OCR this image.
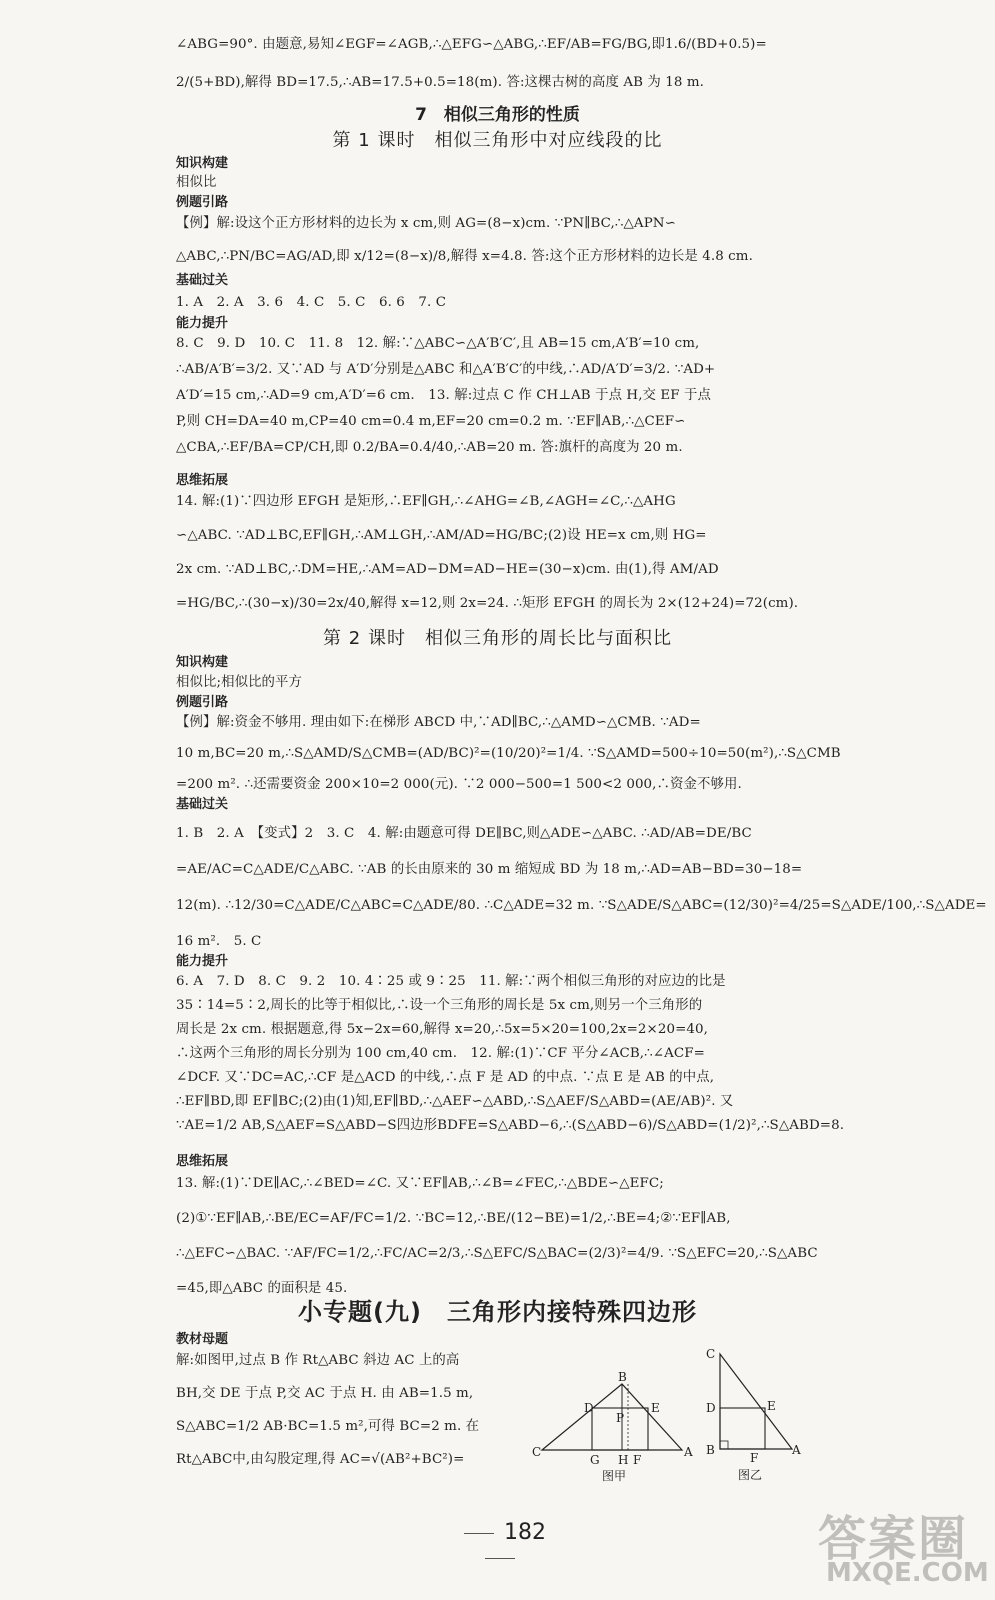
∠ABG=90°. 由题意,易知∠EGF=∠AGB,∴△EFG∽△ABG,∴EF/AB=FG/BG,即1.6/(BD+0.5)=
2/(5+BD),解得 BD=17.5,∴AB=17.5+0.5=18(m). 答:这棵古树的高度 AB 为 18 m.
7　相似三角形的性质
第 1 课时　相似三角形中对应线段的比
知识构建
相似比
例题引路
【例】解:设这个正方形材料的边长为 x cm,则 AG=(8−x)cm. ∵PN∥BC,∴△APN∽
△ABC,∴PN/BC=AG/AD,即 x/12=(8−x)/8,解得 x=4.8. 答:这个正方形材料的边长是 4.8 cm.
基础过关
1. A　2. A　3. 6　4. C　5. C　6. 6　7. C
能力提升
8. C　9. D　10. C　11. 8　12. 解:∵△ABC∽△A′B′C′,且 AB=15 cm,A′B′=10 cm,
∴AB/A′B′=3/2. 又∵AD 与 A′D′分别是△ABC 和△A′B′C′的中线,∴AD/A′D′=3/2. ∵AD+
A′D′=15 cm,∴AD=9 cm,A′D′=6 cm.　13. 解:过点 C 作 CH⊥AB 于点 H,交 EF 于点
P,则 CH=DA=40 m,CP=40 cm=0.4 m,EF=20 cm=0.2 m. ∵EF∥AB,∴△CEF∽
△CBA,∴EF/BA=CP/CH,即 0.2/BA=0.4/40,∴AB=20 m. 答:旗杆的高度为 20 m.
思维拓展
14. 解:(1)∵四边形 EFGH 是矩形,∴EF∥GH,∴∠AHG=∠B,∠AGH=∠C,∴△AHG
∽△ABC. ∵AD⊥BC,EF∥GH,∴AM⊥GH,∴AM/AD=HG/BC;(2)设 HE=x cm,则 HG=
2x cm. ∵AD⊥BC,∴DM=HE,∴AM=AD−DM=AD−HE=(30−x)cm. 由(1),得 AM/AD
=HG/BC,∴(30−x)/30=2x/40,解得 x=12,则 2x=24. ∴矩形 EFGH 的周长为 2×(12+24)=72(cm).
第 2 课时　相似三角形的周长比与面积比
知识构建
相似比;相似比的平方
例题引路
【例】解:资金不够用. 理由如下:在梯形 ABCD 中,∵AD∥BC,∴△AMD∽△CMB. ∵AD=
10 m,BC=20 m,∴S△AMD/S△CMB=(AD/BC)²=(10/20)²=1/4. ∵S△AMD=500÷10=50(m²),∴S△CMB
=200 m². ∴还需要资金 200×10=2 000(元). ∵2 000−500=1 500<2 000,∴资金不够用.
基础过关
1. B　2. A　【变式】2　3. C　4. 解:由题意可得 DE∥BC,则△ADE∽△ABC. ∴AD/AB=DE/BC
=AE/AC=C△ADE/C△ABC. ∵AB 的长由原来的 30 m 缩短成 BD 为 18 m,∴AD=AB−BD=30−18=
12(m). ∴12/30=C△ADE/C△ABC=C△ADE/80. ∴C△ADE=32 m. ∵S△ADE/S△ABC=(12/30)²=4/25=S△ADE/100,∴S△ADE=
16 m².　5. C
能力提升
6. A　7. D　8. C　9. 2　10. 4∶25 或 9∶25　11. 解:∵两个相似三角形的对应边的比是
35∶14=5∶2,周长的比等于相似比,∴设一个三角形的周长是 5x cm,则另一个三角形的
周长是 2x cm. 根据题意,得 5x−2x=60,解得 x=20,∴5x=5×20=100,2x=2×20=40,
∴这两个三角形的周长分别为 100 cm,40 cm.　12. 解:(1)∵CF 平分∠ACB,∴∠ACF=
∠DCF. 又∵DC=AC,∴CF 是△ACD 的中线,∴点 F 是 AD 的中点. ∵点 E 是 AB 的中点,
∴EF∥BD,即 EF∥BC;(2)由(1)知,EF∥BD,∴△AEF∽△ABD,∴S△AEF/S△ABD=(AE/AB)². 又
∵AE=1/2 AB,S△AEF=S△ABD−S四边形BDFE=S△ABD−6,∴(S△ABD−6)/S△ABD=(1/2)²,∴S△ABD=8.
思维拓展
13. 解:(1)∵DE∥AC,∴∠BED=∠C. 又∵EF∥AB,∴∠B=∠FEC,∴△BDE∽△EFC;
(2)①∵EF∥AB,∴BE/EC=AF/FC=1/2. ∵BC=12,∴BE/(12−BE)=1/2,∴BE=4;②∵EF∥AB,
∴△EFC∽△BAC. ∵AF/FC=1/2,∴FC/AC=2/3,∴S△EFC/S△BAC=(2/3)²=4/9. ∵S△EFC=20,∴S△ABC
=45,即△ABC 的面积是 45.
小专题(九)　三角形内接特殊四边形
教材母题
解:如图甲,过点 B 作 Rt△ABC 斜边 AC 上的高
BH,交 DE 于点 P,交 AC 于点 H. 由 AB=1.5 m,
S△ABC=1/2 AB·BC=1.5 m²,可得 BC=2 m. 在
Rt△ABC中,由勾股定理,得 AC=√(AB²+BC²)=
B
D
P
E
C
G H F
A
图甲
C
D	E
B
F
A
图乙
182	答案圈
MXQE.COM
